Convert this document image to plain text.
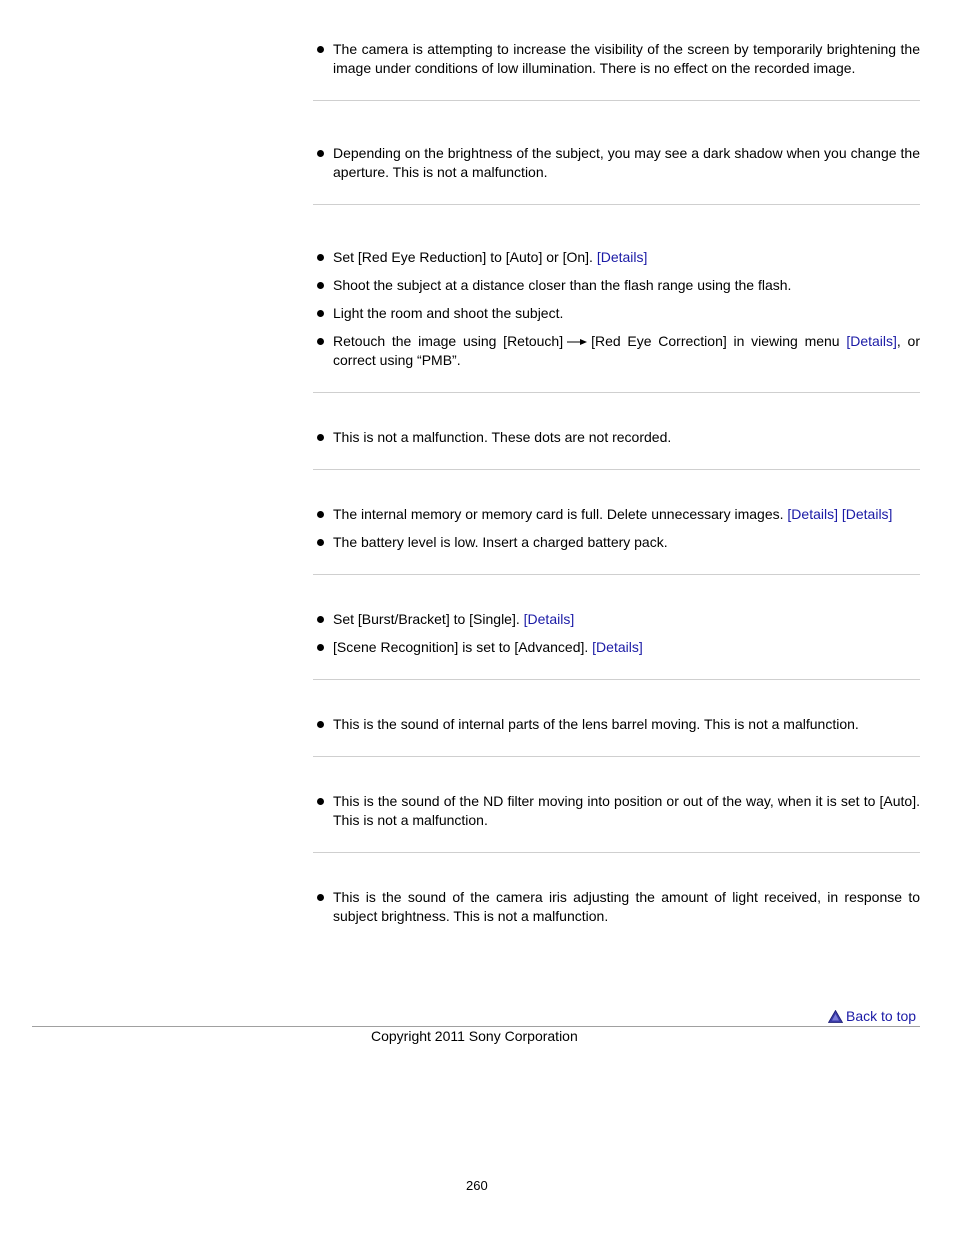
The camera is attempting to increase the visibility of the screen by temporarily brightening the image under conditions of low illumination. There is no effect on the recorded image.
Depending on the brightness of the subject, you may see a dark shadow when you change the aperture. This is not a malfunction.
Set [Red Eye Reduction] to [Auto] or [On]. [Details]
Shoot the subject at a distance closer than the flash range using the flash.
Light the room and shoot the subject.
Retouch the image using [Retouch] [Red Eye Correction] in viewing menu [Details], or correct using “PMB”.
This is not a malfunction. These dots are not recorded.
The internal memory or memory card is full. Delete unnecessary images. [Details] [Details]
The battery level is low. Insert a charged battery pack.
Set [Burst/Bracket] to [Single]. [Details]
[Scene Recognition] is set to [Advanced]. [Details]
This is the sound of internal parts of the lens barrel moving. This is not a malfunction.
This is the sound of the ND filter moving into position or out of the way, when it is set to [Auto]. This is not a malfunction.
This is the sound of the camera iris adjusting the amount of light received, in response to subject brightness. This is not a malfunction.
Back to top
Copyright 2011 Sony Corporation
260
